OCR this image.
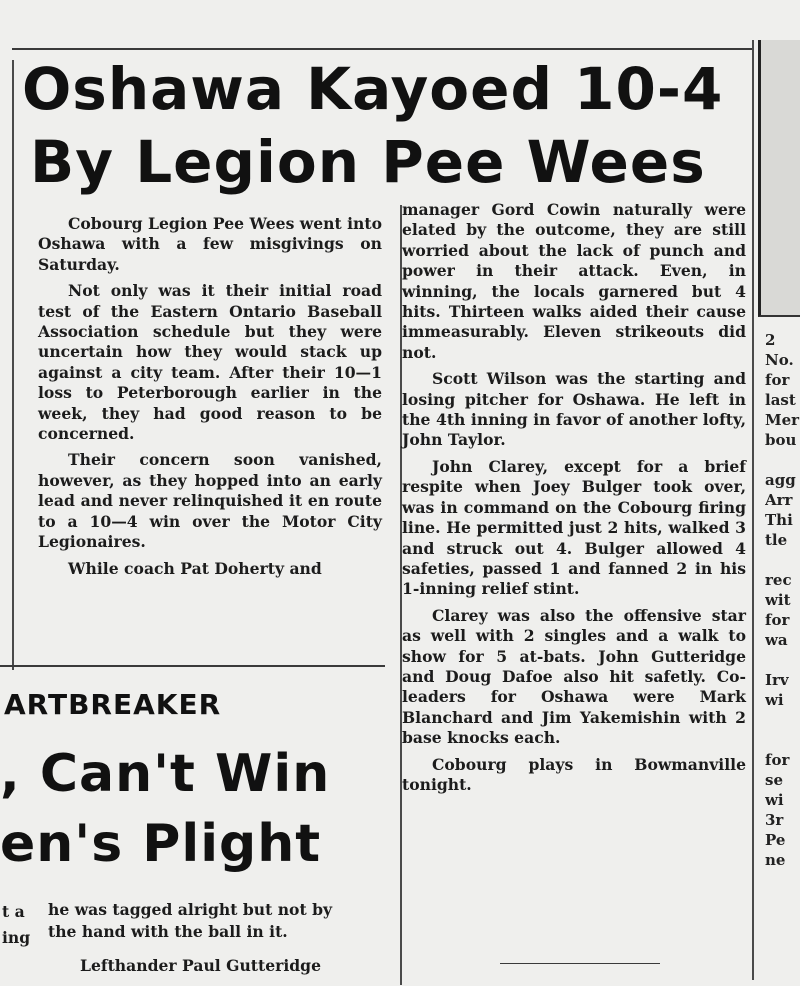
Oshawa Kayoed 10-4
By Legion Pee Wees

Cobourg Legion Pee Wees went into Oshawa with a few misgivings on Saturday.

Not only was it their initial road test of the Eastern Ontario Baseball Association schedule but they were uncertain how they would stack up against a city team. After their 10—1 loss to Peterborough earlier in the week, they had good reason to be concerned.

Their concern soon vanished, however, as they hopped into an early lead and never relinquished it en route to a 10—4 win over the Motor City Legionaires.

While coach Pat Doherty and

manager Gord Cowin naturally were elated by the outcome, they are still worried about the lack of punch and power in their attack. Even, in winning, the locals garnered but 4 hits. Thirteen walks aided their cause immeasurably. Eleven strikeouts did not.

Scott Wilson was the starting and losing pitcher for Oshawa. He left in the 4th inning in favor of another lofty, John Taylor.

John Clarey, except for a brief respite when Joey Bulger took over, was in command on the Cobourg firing line. He permitted just 2 hits, walked 3 and struck out 4. Bulger allowed 4 safeties, passed 1 and fanned 2 in his 1-inning relief stint.

Clarey was also the offensive star as well with 2 singles and a walk to show for 5 at-bats. John Gutteridge and Doug Dafoe also hit safetly. Co-leaders for Oshawa were Mark Blanchard and Jim Yakemishin with 2 base knocks each.

Cobourg plays in Bowmanville tonight.

ARTBREAKER
, Can't Win
en's Plight
he was tagged alright but not by
the hand with the ball in it.
Lefthander Paul Gutteridge
t a
ing
2
No.
for
last
Mer
bou

agg
Arr
Thi
tle

rec
wit
for
wa

Irv
wi

for
se
wi
3r
Pe
ne
